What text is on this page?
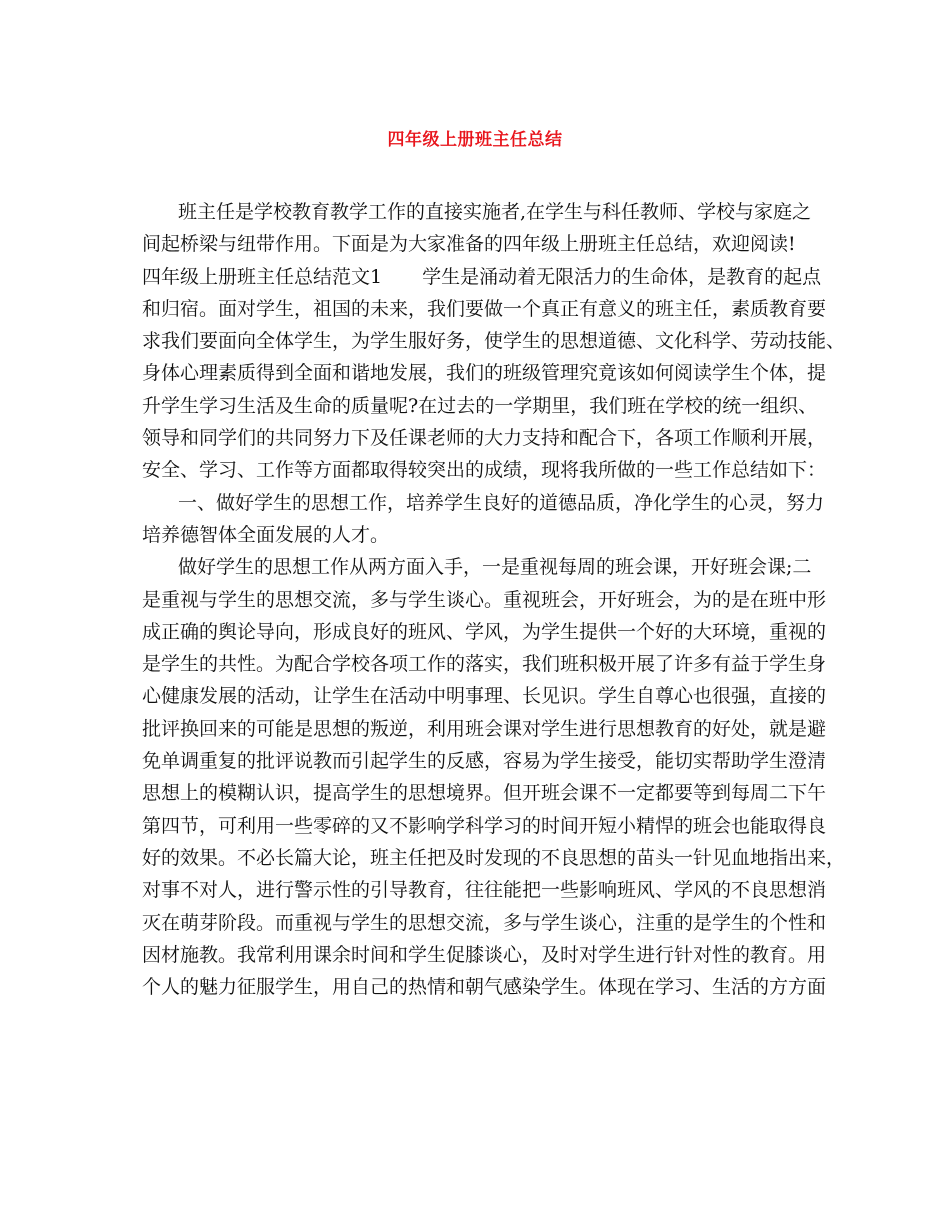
四年级上册班主任总结
班主任是学校教育教学工作的直接实施者,在学生与科任教师、学校与家庭之
间起桥梁与纽带作用。下面是为大家准备的四年级上册班主任总结，欢迎阅读!
四年级上册班主任总结范文1 学生是涌动着无限活力的生命体，是教育的起点
和归宿。面对学生，祖国的未来，我们要做一个真正有意义的班主任，素质教育要
求我们要面向全体学生，为学生服好务，使学生的思想道德、文化科学、劳动技能、
身体心理素质得到全面和谐地发展，我们的班级管理究竟该如何阅读学生个体，提
升学生学习生活及生命的质量呢?在过去的一学期里，我们班在学校的统一组织、
领导和同学们的共同努力下及任课老师的大力支持和配合下，各项工作顺利开展，
安全、学习、工作等方面都取得较突出的成绩，现将我所做的一些工作总结如下：
一、做好学生的思想工作，培养学生良好的道德品质，净化学生的心灵，努力
培养德智体全面发展的人才。
做好学生的思想工作从两方面入手，一是重视每周的班会课，开好班会课;二
是重视与学生的思想交流，多与学生谈心。重视班会，开好班会，为的是在班中形
成正确的舆论导向，形成良好的班风、学风，为学生提供一个好的大环境，重视的
是学生的共性。为配合学校各项工作的落实，我们班积极开展了许多有益于学生身
心健康发展的活动，让学生在活动中明事理、长见识。学生自尊心也很强，直接的
批评换回来的可能是思想的叛逆，利用班会课对学生进行思想教育的好处，就是避
免单调重复的批评说教而引起学生的反感，容易为学生接受，能切实帮助学生澄清
思想上的模糊认识，提高学生的思想境界。但开班会课不一定都要等到每周二下午
第四节，可利用一些零碎的又不影响学科学习的时间开短小精悍的班会也能取得良
好的效果。不必长篇大论，班主任把及时发现的不良思想的苗头一针见血地指出来，
对事不对人，进行警示性的引导教育，往往能把一些影响班风、学风的不良思想消
灭在萌芽阶段。而重视与学生的思想交流，多与学生谈心，注重的是学生的个性和
因材施教。我常利用课余时间和学生促膝谈心，及时对学生进行针对性的教育。用
个人的魅力征服学生，用自己的热情和朝气感染学生。体现在学习、生活的方方面
